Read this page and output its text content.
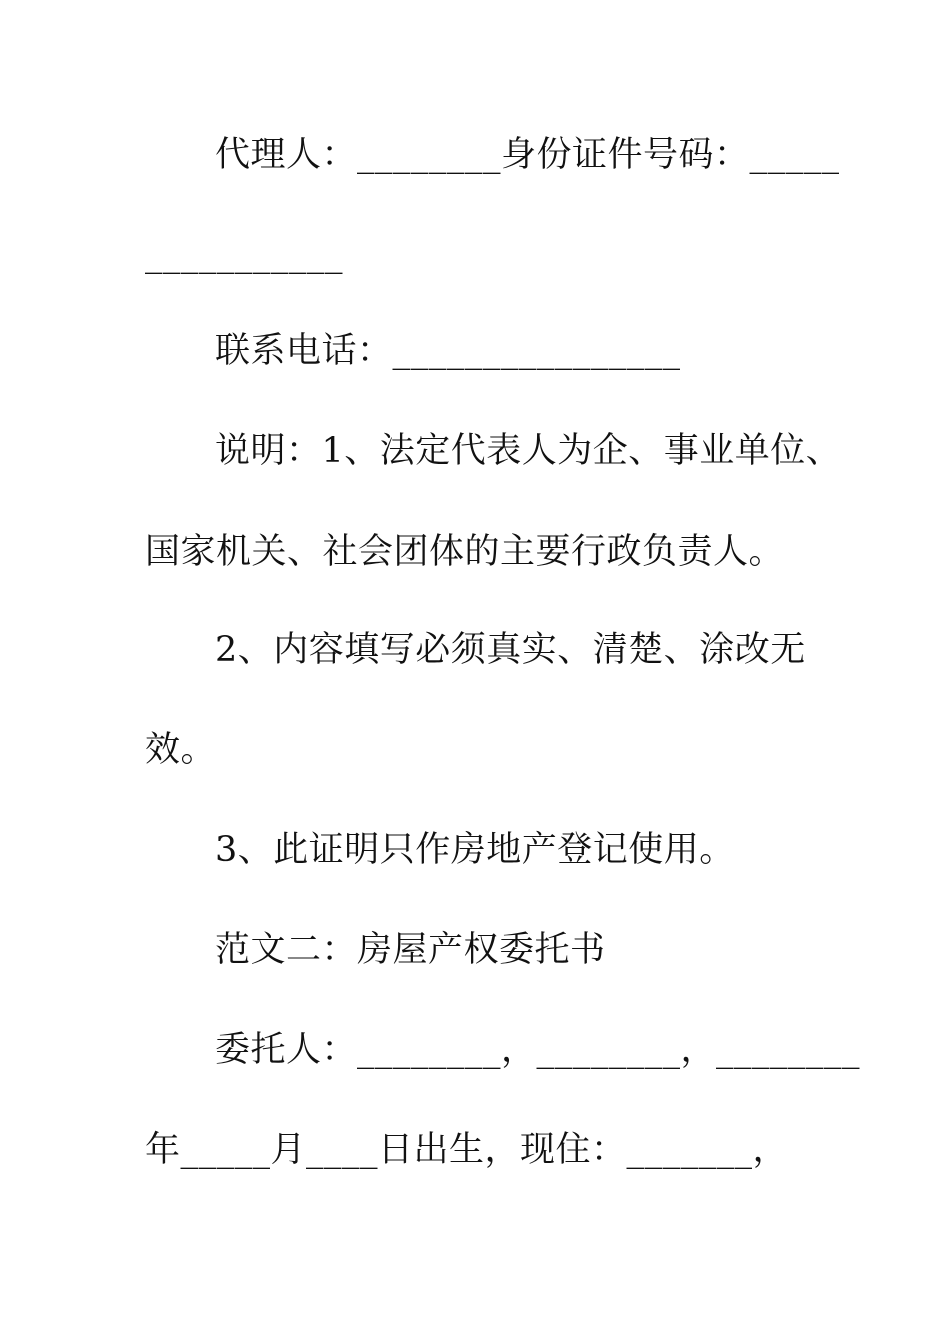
代理人：________身份证件号码：_____
___________
联系电话：________________
说明：1、法定代表人为企、事业单位、
国家机关、社会团体的主要行政负责人。
2、内容填写必须真实、清楚、涂改无
效。
3、此证明只作房地产登记使用。
范文二：房屋产权委托书
委托人：________，________，________
年_____月____日出生，现住：_______，
